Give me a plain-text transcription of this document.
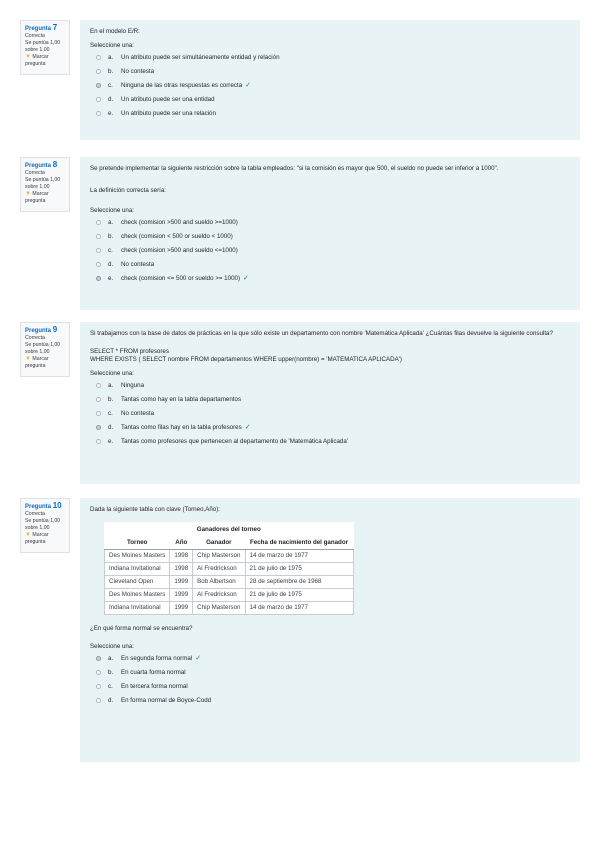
Pregunta 7
Correcta
Se puntúa 1,00 sobre 1,00
▼ Marcar pregunta

En el modelo E/R:

Seleccione una:

a. Un atributo puede ser simultáneamente entidad y relación
b. No contesta
c. Ninguna de las otras respuestas es correcta ✓
d. Un atributo puede ser una entidad
e. Un atributo puede ser una relación
Pregunta 8
Correcta
Se puntúa 1,00 sobre 1,00
▼ Marcar pregunta

Se pretende implementar la siguiente restricción sobre la tabla empleados: "si la comisión es mayor que 500, el sueldo no puede ser inferior a 1000".

La definición correcta sería:

Seleccione una:

a. check (comision >500 and sueldo >=1000)
b. check (comision < 500 or sueldo < 1000)
c. check (comision >500 and sueldo <=1000)
d. No contesta
e. check (comision <= 500 or sueldo >= 1000) ✓
Pregunta 9
Correcta
Se puntúa 1,00 sobre 1,00
▼ Marcar pregunta

Si trabajamos con la base de datos de prácticas en la que sólo existe un departamento con nombre 'Matemática Aplicada' ¿Cuántas filas devuelve la siguiente consulta?

SELECT * FROM profesores

WHERE EXISTS ( SELECT nombre FROM departamentos WHERE upper(nombre) = 'MATEMATICA APLICADA')

Seleccione una:

a. Ninguna
b. Tantas como hay en la tabla departamentos
c. No contesta
d. Tantas como filas hay en la tabla profesores ✓
e. Tantas como profesores que pertenecen al departamento de 'Matemática Aplicada'
Pregunta 10
Correcta
Se puntúa 1,00 sobre 1,00
▼ Marcar pregunta

Dada la siguiente tabla con clave (Torneo,Año):

Ganadores del torneo
Torneo	Año	Ganador	Fecha de nacimiento del ganador
Des Moines Masters	1998	Chip Masterson	14 de marzo de 1977
Indiana Invitational	1998	Al Fredrickson	21 de julio de 1975
Cleveland Open	1999	Bob Albertson	28 de septiembre de 1968
Des Moines Masters	1999	Al Fredrickson	21 de julio de 1975
Indiana Invitational	1999	Chip Masterson	14 de marzo de 1977

¿En qué forma normal se encuentra?

Seleccione una:

a. En segunda forma normal ✓
b. En cuarta forma normal
c. En tercera forma normal
d. En forma normal de Boyce-Codd
